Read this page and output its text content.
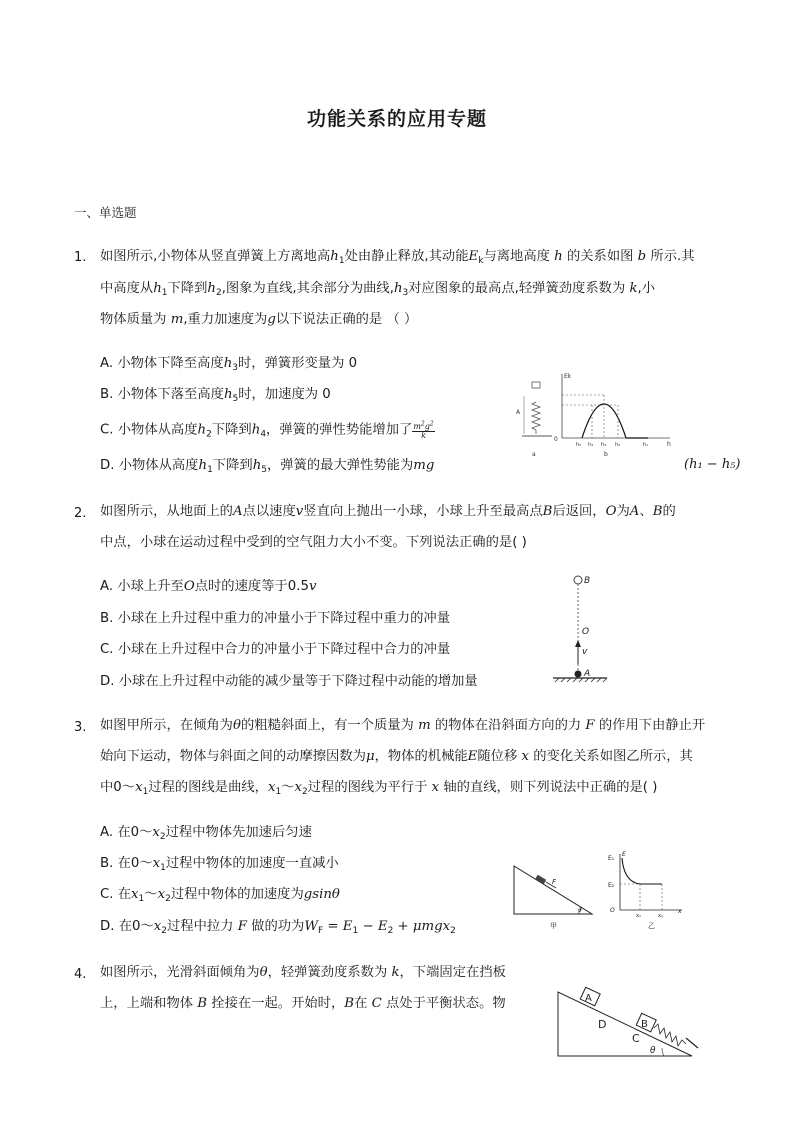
功能关系的应用专题
一、单选题
1. 如图所示,小物体从竖直弹簧上方离地高$h_1$处由静止释放,其动能$E_k$与离地高度 h 的关系如图 b 所示.其
中高度从$h_1$下降到$h_2$,图象为直线,其余部分为曲线$,h_3$对应图象的最高点,轻弹簧劲度系数为 k,小
物体质量为 m,重力加速度为g以下说法正确的是 （ ）
A. 小物体下降至高度$h_3$时，弹簧形变量为 0
B. 小物体下落至高度$h_5$时，加速度为 0
C. 小物体从高度$h_2$下降到$h_4$，弹簧的弹性势能增加了$m^2g^2$
k
D. 小物体从高度$h_1$下降到$h_5$，弹簧的最大弹性势能为mg	(h₁ − h₅)
A
a
Ek
0
h
h₅ h₄ h₃ h₂	h₁
b
2. 如图所示，从地面上的A点以速度v竖直向上抛出一小球，小球上升至最高点B后返回，O为A、B的
中点，小球在运动过程中受到的空气阻力大小不变。下列说法正确的是( )
A. 小球上升至O点时的速度等于0.5v
B. 小球在上升过程中重力的冲量小于下降过程中重力的冲量
C. 小球在上升过程中合力的冲量小于下降过程中合力的冲量
D. 小球在上升过程中动能的减少量等于下降过程中动能的增加量
B
O
v
A
3. 如图甲所示，在倾角为θ的粗糙斜面上，有一个质量为 m 的物体在沿斜面方向的力 F 的作用下由静止开
始向下运动，物体与斜面之间的动摩擦因数为μ，物体的机械能E随位移 x 的变化关系如图乙所示，其
中$0\sim x_1$过程的图线是曲线，$x_1\sim x_2$过程的图线为平行于 x 轴的直线，则下列说法中正确的是( )
A. 在$0\sim x_2$过程中物体先加速后匀速
B. 在$0\sim x_1$过程中物体的加速度一直减小
C. 在$x_1\sim x_2$过程中物体的加速度为gsinθ
D. 在$0\sim x_2$过程中拉力 F 做的功为$W_F = E_1 - E_2 + \mu mgx_2$
F
θ
甲
E₁
E
E₂
O
x₁	x₂
x
乙
4. 如图所示，光滑斜面倾角为θ，轻弹簧劲度系数为 k，下端固定在挡板
上，上端和物体 B 拴接在一起。开始时，B在 C 点处于平衡状态。物	A
D	B
C
θ
